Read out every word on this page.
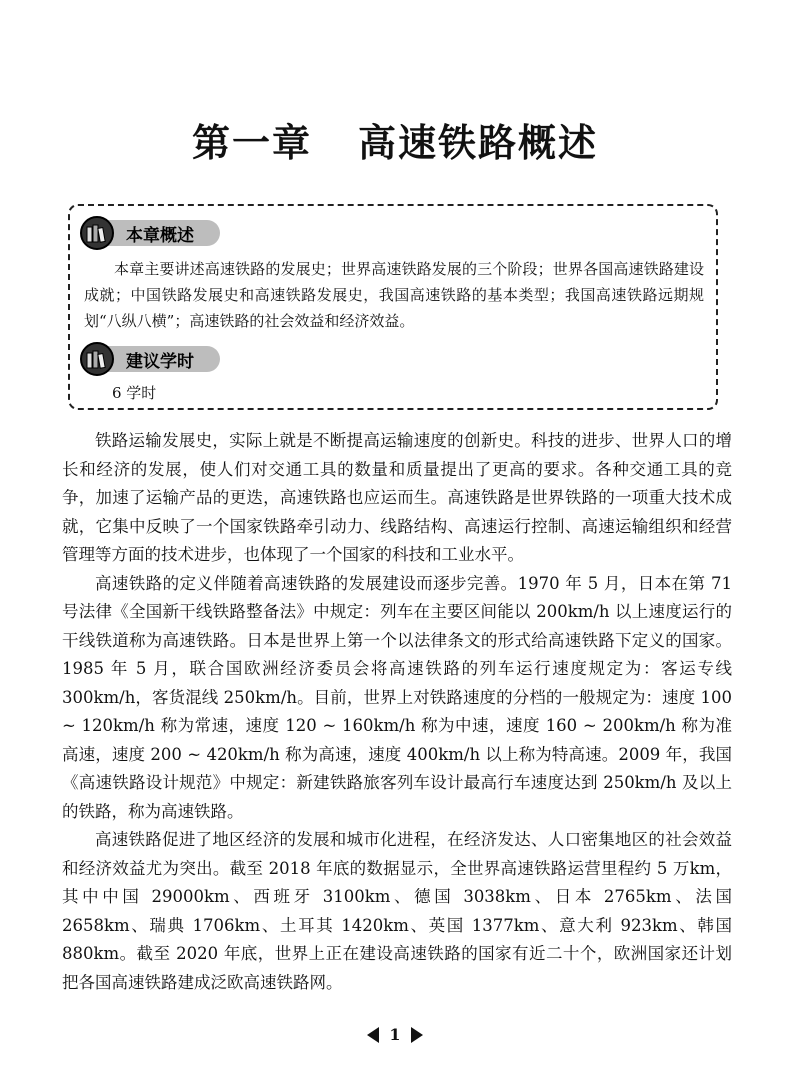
第一章 高速铁路概述
本章概述

本章主要讲述高速铁路的发展史；世界高速铁路发展的三个阶段；世界各国高速铁路建设成就；中国铁路发展史和高速铁路发展史，我国高速铁路的基本类型；我国高速铁路远期规划“八纵八横”；高速铁路的社会效益和经济效益。

建议学时

6 学时

铁路运输发展史，实际上就是不断提高运输速度的创新史。科技的进步、世界人口的增长和经济的发展，使人们对交通工具的数量和质量提出了更高的要求。各种交通工具的竞争，加速了运输产品的更迭，高速铁路也应运而生。高速铁路是世界铁路的一项重大技术成就，它集中反映了一个国家铁路牵引动力、线路结构、高速运行控制、高速运输组织和经营管理等方面的技术进步，也体现了一个国家的科技和工业水平。

高速铁路的定义伴随着高速铁路的发展建设而逐步完善。1970 年 5 月，日本在第 71 号法律《全国新干线铁路整备法》中规定：列车在主要区间能以 200km/h 以上速度运行的干线铁道称为高速铁路。日本是世界上第一个以法律条文的形式给高速铁路下定义的国家。1985 年 5 月，联合国欧洲经济委员会将高速铁路的列车运行速度规定为：客运专线 300km/h，客货混线 250km/h。目前，世界上对铁路速度的分档的一般规定为：速度 100 ~ 120km/h 称为常速，速度 120 ~ 160km/h 称为中速，速度 160 ~ 200km/h 称为准高速，速度 200 ~ 420km/h 称为高速，速度 400km/h 以上称为特高速。2009 年，我国《高速铁路设计规范》中规定：新建铁路旅客列车设计最高行车速度达到 250km/h 及以上的铁路，称为高速铁路。

高速铁路促进了地区经济的发展和城市化进程，在经济发达、人口密集地区的社会效益和经济效益尤为突出。截至 2018 年底的数据显示，全世界高速铁路运营里程约 5 万km，其中中国 29000km、西班牙 3100km、德国 3038km、日本 2765km、法国 2658km、瑞典 1706km、土耳其 1420km、英国 1377km、意大利 923km、韩国 880km。截至 2020 年底，世界上正在建设高速铁路的国家有近二十个，欧洲国家还计划把各国高速铁路建成泛欧高速铁路网。

1
